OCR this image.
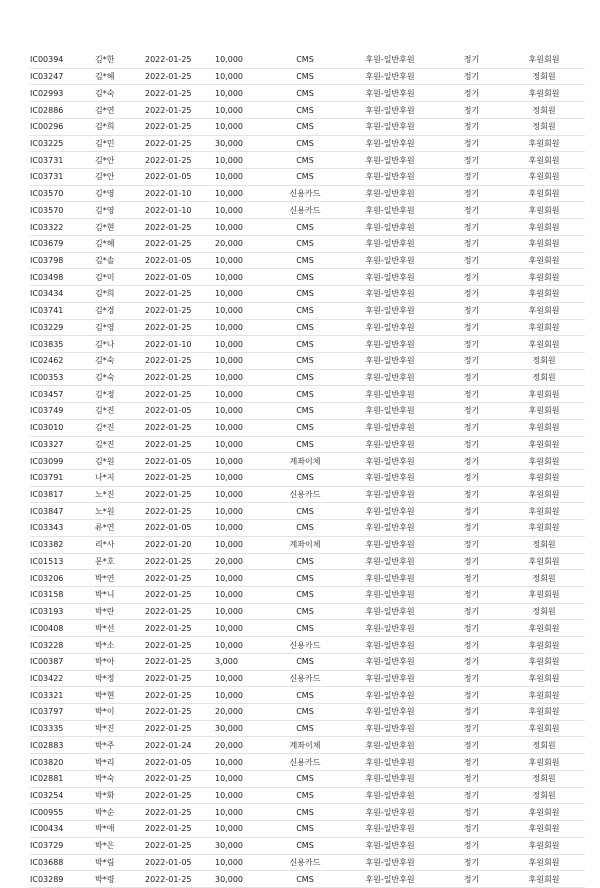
IC00394	김*한	2022-01-25	10,000	CMS	후원-일반후원	정기	후원회원
IC03247	김*혜	2022-01-25	10,000	CMS	후원-일반후원	정기	정회원
IC02993	김*숙	2022-01-25	10,000	CMS	후원-일반후원	정기	후원회원
IC02886	김*연	2022-01-25	10,000	CMS	후원-일반후원	정기	정회원
IC00296	김*희	2022-01-25	10,000	CMS	후원-일반후원	정기	정회원
IC03225	김*민	2022-01-25	30,000	CMS	후원-일반후원	정기	후원회원
IC03731	김*안	2022-01-25	10,000	CMS	후원-일반후원	정기	후원회원
IC03731	김*안	2022-01-05	10,000	CMS	후원-일반후원	정기	후원회원
IC03570	김*영	2022-01-10	10,000	신용카드	후원-일반후원	정기	후원회원
IC03570	김*영	2022-01-10	10,000	신용카드	후원-일반후원	정기	후원회원
IC03322	김*현	2022-01-25	10,000	CMS	후원-일반후원	정기	후원회원
IC03679	김*혜	2022-01-25	20,000	CMS	후원-일반후원	정기	후원회원
IC03798	김*솔	2022-01-05	10,000	CMS	후원-일반후원	정기	후원회원
IC03498	김*미	2022-01-05	10,000	CMS	후원-일반후원	정기	후원회원
IC03434	김*희	2022-01-25	10,000	CMS	후원-일반후원	정기	후원회원
IC03741	김*경	2022-01-25	10,000	CMS	후원-일반후원	정기	후원회원
IC03229	김*영	2022-01-25	10,000	CMS	후원-일반후원	정기	후원회원
IC03835	김*나	2022-01-10	10,000	CMS	후원-일반후원	정기	후원회원
IC02462	김*숙	2022-01-25	10,000	CMS	후원-일반후원	정기	정회원
IC00353	김*숙	2022-01-25	10,000	CMS	후원-일반후원	정기	정회원
IC03457	김*정	2022-01-25	10,000	CMS	후원-일반후원	정기	후원회원
IC03749	김*진	2022-01-05	10,000	CMS	후원-일반후원	정기	후원회원
IC03010	김*진	2022-01-25	10,000	CMS	후원-일반후원	정기	후원회원
IC03327	김*진	2022-01-25	10,000	CMS	후원-일반후원	정기	후원회원
IC03099	김*원	2022-01-05	10,000	계좌이체	후원-일반후원	정기	후원회원
IC03791	나*지	2022-01-25	10,000	CMS	후원-일반후원	정기	후원회원
IC03817	노*진	2022-01-25	10,000	신용카드	후원-일반후원	정기	후원회원
IC03847	노*원	2022-01-25	10,000	CMS	후원-일반후원	정기	후원회원
IC03343	류*연	2022-01-05	10,000	CMS	후원-일반후원	정기	후원회원
IC03382	리*사	2022-01-20	10,000	계좌이체	후원-일반후원	정기	정회원
IC01513	문*호	2022-01-25	20,000	CMS	후원-일반후원	정기	후원회원
IC03206	박*연	2022-01-25	10,000	CMS	후원-일반후원	정기	정회원
IC03158	박*니	2022-01-25	10,000	CMS	후원-일반후원	정기	후원회원
IC03193	박*란	2022-01-25	10,000	CMS	후원-일반후원	정기	정회원
IC00408	박*선	2022-01-25	10,000	CMS	후원-일반후원	정기	후원회원
IC03228	박*소	2022-01-25	10,000	신용카드	후원-일반후원	정기	후원회원
IC00387	박*아	2022-01-25	3,000	CMS	후원-일반후원	정기	후원회원
IC03422	박*정	2022-01-25	10,000	신용카드	후원-일반후원	정기	후원회원
IC03321	박*현	2022-01-25	10,000	CMS	후원-일반후원	정기	후원회원
IC03797	박*이	2022-01-25	20,000	CMS	후원-일반후원	정기	후원회원
IC03335	박*진	2022-01-25	30,000	CMS	후원-일반후원	정기	후원회원
IC02883	박*주	2022-01-24	20,000	계좌이체	후원-일반후원	정기	정회원
IC03820	박*리	2022-01-05	10,000	신용카드	후원-일반후원	정기	후원회원
IC02881	박*숙	2022-01-25	10,000	CMS	후원-일반후원	정기	정회원
IC03254	박*화	2022-01-25	10,000	CMS	후원-일반후원	정기	정회원
IC00955	박*순	2022-01-25	10,000	CMS	후원-일반후원	정기	후원회원
IC00434	박*애	2022-01-25	10,000	CMS	후원-일반후원	정기	후원회원
IC03729	박*은	2022-01-25	30,000	CMS	후원-일반후원	정기	후원회원
IC03688	박*림	2022-01-05	10,000	신용카드	후원-일반후원	정기	후원회원
IC03289	박*령	2022-01-25	30,000	CMS	후원-일반후원	정기	후원회원
